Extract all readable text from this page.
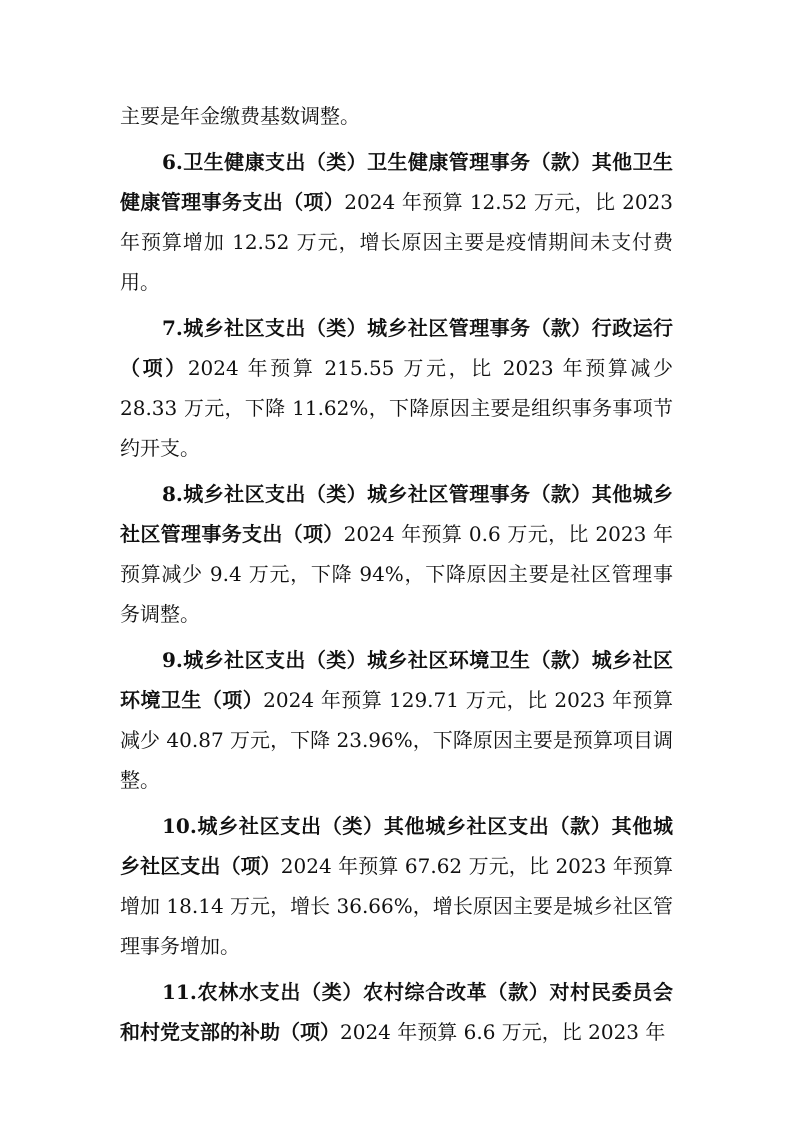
主要是年金缴费基数调整。

6.卫生健康支出（类）卫生健康管理事务（款）其他卫生健康管理事务支出（项）2024 年预算 12.52 万元，比 2023 年预算增加 12.52 万元，增长原因主要是疫情期间未支付费用。

7.城乡社区支出（类）城乡社区管理事务（款）行政运行（项）2024 年预算 215.55 万元，比 2023 年预算减少 28.33 万元，下降 11.62%，下降原因主要是组织事务事项节约开支。

8.城乡社区支出（类）城乡社区管理事务（款）其他城乡社区管理事务支出（项）2024 年预算 0.6 万元，比 2023 年预算减少 9.4 万元，下降 94%，下降原因主要是社区管理事务调整。

9.城乡社区支出（类）城乡社区环境卫生（款）城乡社区环境卫生（项）2024 年预算 129.71 万元，比 2023 年预算减少 40.87 万元，下降 23.96%，下降原因主要是预算项目调整。

10.城乡社区支出（类）其他城乡社区支出（款）其他城乡社区支出（项）2024 年预算 67.62 万元，比 2023 年预算增加 18.14 万元，增长 36.66%，增长原因主要是城乡社区管理事务增加。

11.农林水支出（类）农村综合改革（款）对村民委员会和村党支部的补助（项）2024 年预算 6.6 万元，比 2023 年
